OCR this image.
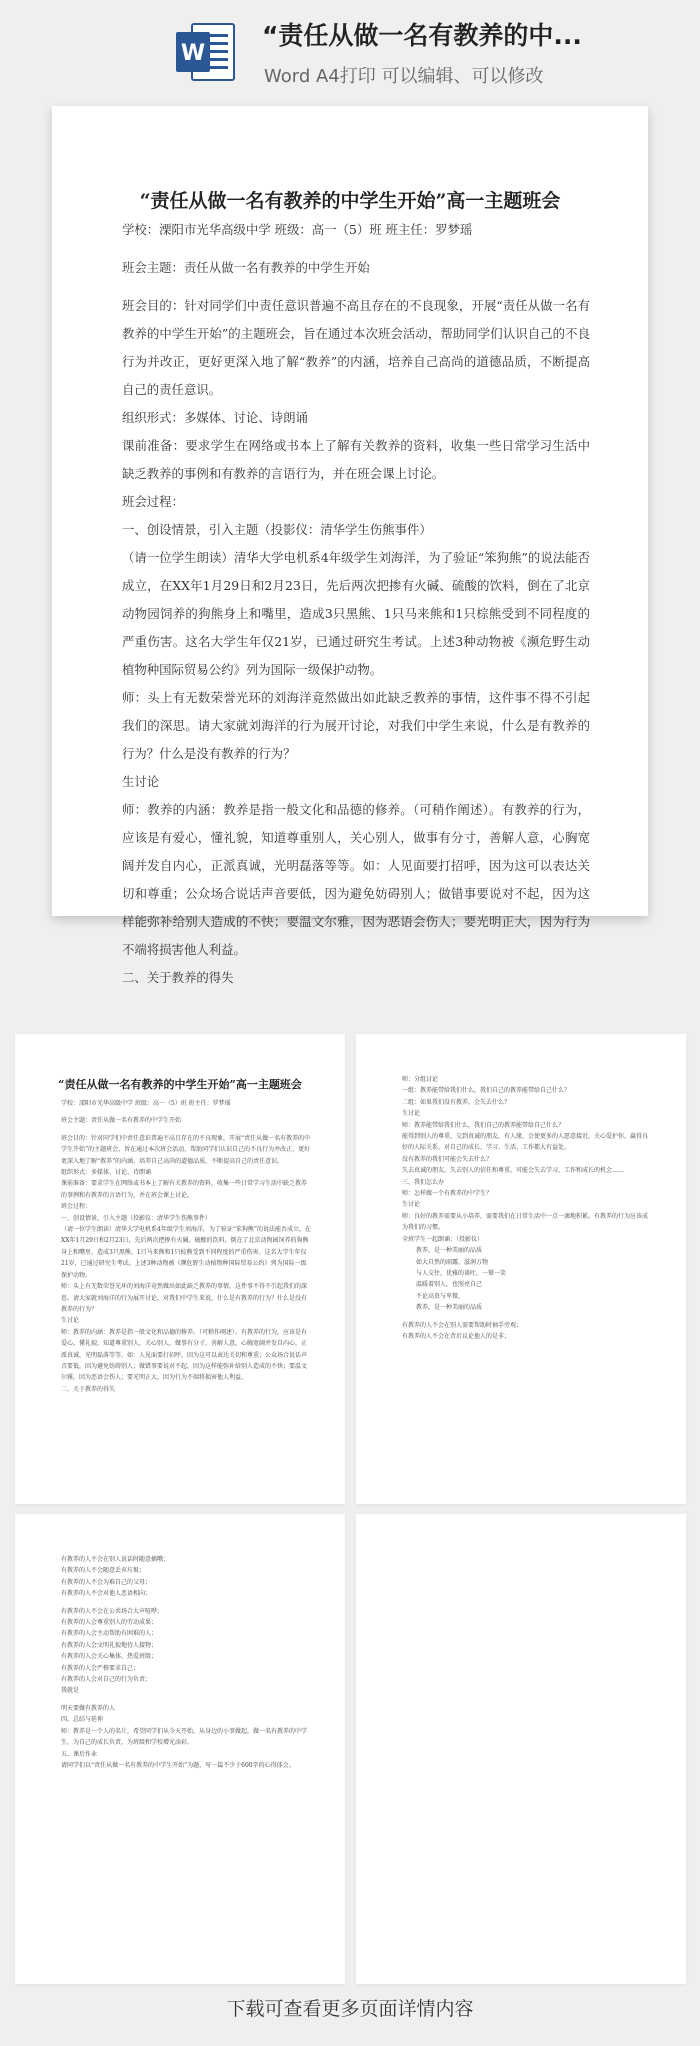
W
“责任从做一名有教养的中...
Word A4打印 可以编辑、可以修改
“责任从做一名有教养的中学生开始”高一主题班会

学校：溧阳市光华高级中学 班级：高一（5）班 班主任：罗梦瑶

班会主题：责任从做一名有教养的中学生开始

班会目的：针对同学们中责任意识普遍不高且存在的不良现象，开展“责任从做一名有教养的中学生开始”的主题班会，旨在通过本次班会活动，帮助同学们认识自己的不良行为并改正，更好更深入地了解“教养”的内涵，培养自己高尚的道德品质，不断提高自己的责任意识。

组织形式：多媒体、讨论、诗朗诵

课前准备：要求学生在网络或书本上了解有关教养的资料，收集一些日常学习生活中缺乏教养的事例和有教养的言语行为，并在班会课上讨论。

班会过程：

一、创设情景，引入主题（投影仪：清华学生伤熊事件）

（请一位学生朗读）清华大学电机系4年级学生刘海洋，为了验证“笨狗熊”的说法能否成立，在XX年1月29日和2月23日，先后两次把掺有火碱、硫酸的饮料，倒在了北京动物园饲养的狗熊身上和嘴里，造成3只黑熊、1只马来熊和1只棕熊受到不同程度的严重伤害。这名大学生年仅21岁，已通过研究生考试。上述3种动物被《濒危野生动植物种国际贸易公约》列为国际一级保护动物。

师：头上有无数荣誉光环的刘海洋竟然做出如此缺乏教养的事情，这件事不得不引起我们的深思。请大家就刘海洋的行为展开讨论，对我们中学生来说，什么是有教养的行为？什么是没有教养的行为？

生讨论

师：教养的内涵：教养是指一般文化和品德的修养。（可稍作阐述）。有教养的行为，应该是有爱心，懂礼貌，知道尊重别人，关心别人，做事有分寸，善解人意，心胸宽阔并发自内心，正派真诚，光明磊落等等。如：人见面要打招呼，因为这可以表达关切和尊重；公众场合说话声音要低，因为避免妨碍别人；做错事要说对不起，因为这样能弥补给别人造成的不快；要温文尔雅，因为恶语会伤人；要光明正大，因为行为不端将损害他人利益。

二、关于教养的得失

“责任从做一名有教养的中学生开始”高一主题班会

学校：溧阳市光华高级中学 班级：高一（5）班 班主任：罗梦瑶

班会主题：责任从做一名有教养的中学生开始

班会目的：针对同学们中责任意识普遍不高且存在的不良现象，开展“责任从做一名有教养的中学生开始”的主题班会，旨在通过本次班会活动，帮助同学们认识自己的不良行为并改正，更好更深入地了解“教养”的内涵，培养自己高尚的道德品质，不断提高自己的责任意识。

组织形式：多媒体、讨论、诗朗诵

课前准备：要求学生在网络或书本上了解有关教养的资料，收集一些日常学习生活中缺乏教养的事例和有教养的言语行为，并在班会课上讨论。

班会过程：

一、创设情景，引入主题（投影仪：清华学生伤熊事件）

（请一位学生朗读）清华大学电机系4年级学生刘海洋，为了验证“笨狗熊”的说法能否成立，在XX年1月29日和2月23日，先后两次把掺有火碱、硫酸的饮料，倒在了北京动物园饲养的狗熊身上和嘴里，造成3只黑熊、1只马来熊和1只棕熊受到不同程度的严重伤害。这名大学生年仅21岁，已通过研究生考试。上述3种动物被《濒危野生动植物种国际贸易公约》列为国际一级保护动物。

师：头上有无数荣誉光环的刘海洋竟然做出如此缺乏教养的事情，这件事不得不引起我们的深思。请大家就刘海洋的行为展开讨论，对我们中学生来说，什么是有教养的行为？什么是没有教养的行为？

生讨论

师：教养的内涵：教养是指一般文化和品德的修养。（可稍作阐述）。有教养的行为，应该是有爱心，懂礼貌，知道尊重别人，关心别人，做事有分寸，善解人意，心胸宽阔并发自内心，正派真诚，光明磊落等等。如：人见面要打招呼，因为这可以表达关切和尊重；公众场合说话声音要低，因为避免妨碍别人；做错事要说对不起，因为这样能弥补给别人造成的不快；要温文尔雅，因为恶语会伤人；要光明正大，因为行为不端将损害他人利益。

二、关于教养的得失

师：分组讨论

一组：教养能带给我们什么，我们自己的教养能带给自己什么？

二组：如果我们没有教养，会失去什么？

生讨论

师：教养能带给我们什么，我们自己的教养能带给自己什么？

能得到别人的尊重，交到真诚的朋友，有人缘，会使更多的人愿意接近，关心爱护你，赢得良好的人际关系，对自己的成长、学习、生活、工作都大有益处。

没有教养的我们可能会失去什么？

失去真诚的朋友，失去别人的信任和尊重，可能会失去学习、工作和成长的机会……

三、我们怎么办

师：怎样做一个有教养的中学生？

生讨论

师：良好的教养需要从小培养，需要我们在日常生活中一点一滴地积累。有教养的行为应该成为我们的习惯。

全班学生一起朗诵：（投影仪）

教养，是一种美丽的品质

如大自然的雨露，滋润万物

与人交往，优雅的谈吐，一颦一笑

温暖着别人，也照亮自己

不论高贵与卑微，

教养，是一种美丽的品质

有教养的人不会在别人需要帮助时袖手旁观；

有教养的人不会在背后议论他人的是非；

有教养的人不会在别人说话时随意插嘴；

有教养的人不会随意丢弃垃圾；

有教养的人不会为难自己的父母；

有教养的人不会对他人恶语相向；

有教养的人不会在公共场合大声喧哗；

有教养的人会尊重别人的劳动成果；

有教养的人会主动帮助有困难的人；

有教养的人会文明礼貌地待人接物；

有教养的人会关心集体，热爱班级；

有教养的人会严格要求自己；

有教养的人会对自己的行为负责；

我就是

明天要做有教养的人

四、总结与延伸

师：教养是一个人的名片，希望同学们从今天开始，从身边的小事做起，做一名有教养的中学生，为自己的成长负责，为班级和学校增光添彩。

五、课后作业

请同学们以“责任从做一名有教养的中学生开始”为题，写一篇不少于600字的心得体会。

下载可查看更多页面详情内容
